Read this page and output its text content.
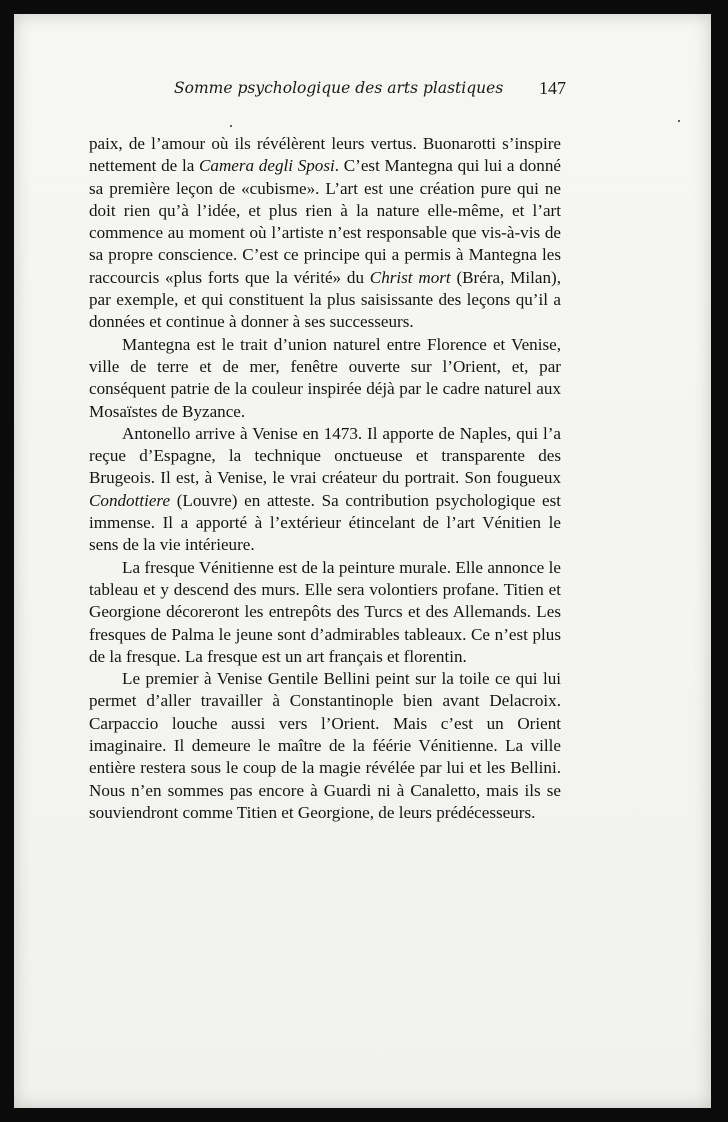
Somme psychologique des arts plastiques 147

paix, de l’amour où ils révélèrent leurs vertus. Buonarotti s’inspire nettement de la Camera degli Sposi. C’est Mantegna qui lui a donné sa première leçon de «cubisme». L’art est une création pure qui ne doit rien qu’à l’idée, et plus rien à la nature elle-même, et l’art commence au moment où l’artiste n’est responsable que vis-à-vis de sa propre conscience. C’est ce principe qui a permis à Mantegna les raccourcis «plus forts que la vérité» du Christ mort (Bréra, Milan), par exemple, et qui constituent la plus saisissante des leçons qu’il a données et continue à donner à ses successeurs.

Mantegna est le trait d’union naturel entre Florence et Venise, ville de terre et de mer, fenêtre ouverte sur l’Orient, et, par conséquent patrie de la couleur inspirée déjà par le cadre naturel aux Mosaïstes de Byzance.

Antonello arrive à Venise en 1473. Il apporte de Naples, qui l’a reçue d’Espagne, la technique onctueuse et transparente des Brugeois. Il est, à Venise, le vrai créateur du portrait. Son fougueux Condottiere (Louvre) en atteste. Sa contribution psychologique est immense. Il a apporté à l’extérieur étincelant de l’art Vénitien le sens de la vie intérieure.

La fresque Vénitienne est de la peinture murale. Elle annonce le tableau et y descend des murs. Elle sera volontiers profane. Titien et Georgione décoreront les entrepôts des Turcs et des Allemands. Les fresques de Palma le jeune sont d’admirables tableaux. Ce n’est plus de la fresque. La fresque est un art français et florentin.

Le premier à Venise Gentile Bellini peint sur la toile ce qui lui permet d’aller travailler à Constantinople bien avant Delacroix. Carpaccio louche aussi vers l’Orient. Mais c’est un Orient imaginaire. Il demeure le maître de la féérie Vénitienne. La ville entière restera sous le coup de la magie révélée par lui et les Bellini. Nous n’en sommes pas encore à Guardi ni à Canaletto, mais ils se souviendront comme Titien et Georgione, de leurs prédécesseurs.
